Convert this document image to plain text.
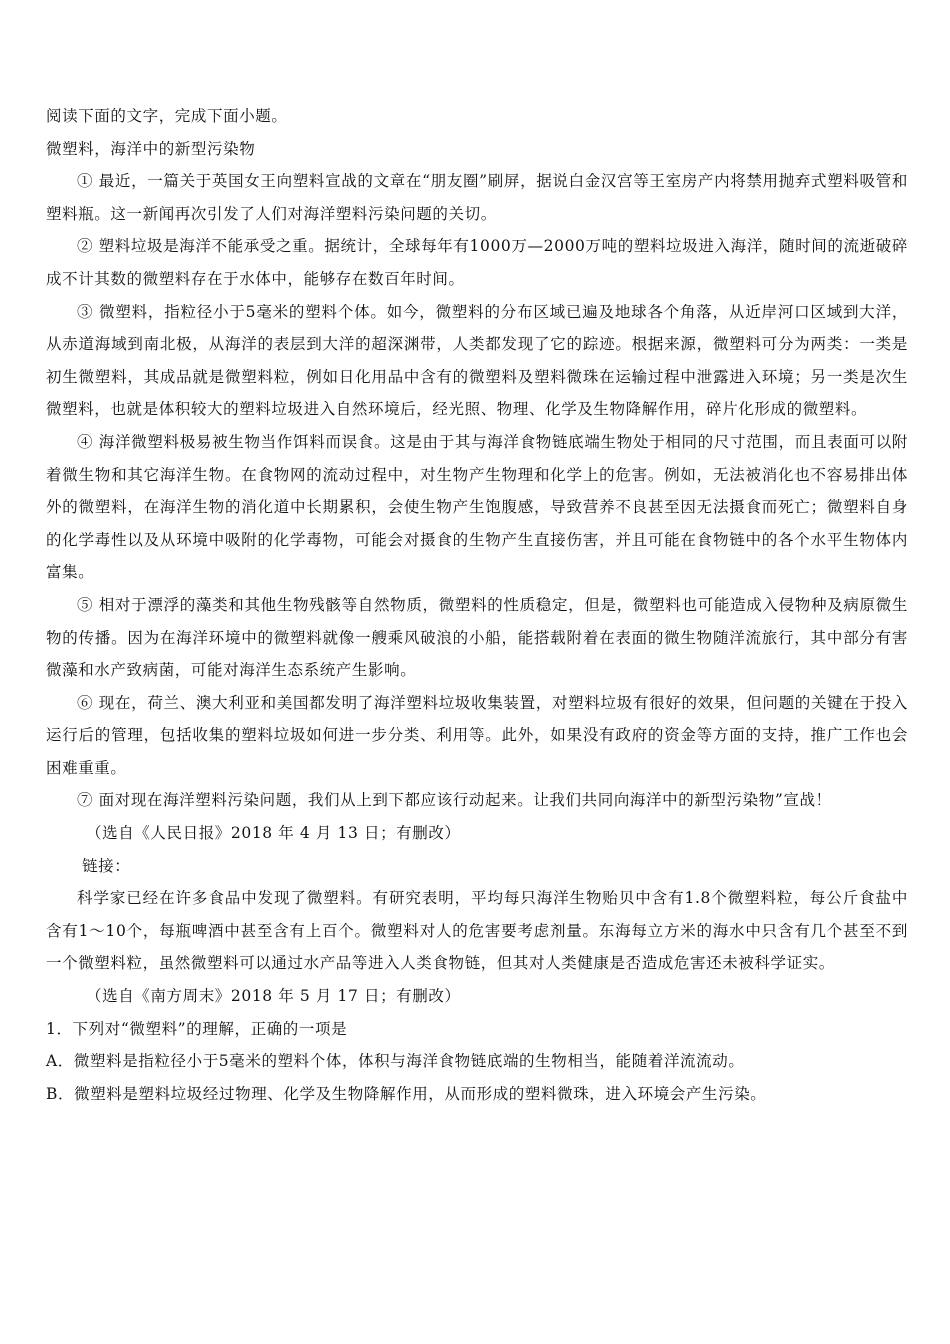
阅读下面的文字，完成下面小题。

微塑料，海洋中的新型污染物

① 最近，一篇关于英国女王向塑料宣战的文章在“朋友圈”刷屏，据说白金汉宫等王室房产内将禁用抛弃式塑料吸管和塑料瓶。这一新闻再次引发了人们对海洋塑料污染问题的关切。

② 塑料垃圾是海洋不能承受之重。据统计，全球每年有1000万—2000万吨的塑料垃圾进入海洋，随时间的流逝破碎成不计其数的微塑料存在于水体中，能够存在数百年时间。

③ 微塑料，指粒径小于5毫米的塑料个体。如今，微塑料的分布区域已遍及地球各个角落，从近岸河口区域到大洋，从赤道海域到南北极，从海洋的表层到大洋的超深渊带，人类都发现了它的踪迹。根据来源，微塑料可分为两类：一类是初生微塑料，其成品就是微塑料粒，例如日化用品中含有的微塑料及塑料微珠在运输过程中泄露进入环境；另一类是次生微塑料，也就是体积较大的塑料垃圾进入自然环境后，经光照、物理、化学及生物降解作用，碎片化形成的微塑料。

④ 海洋微塑料极易被生物当作饵料而误食。这是由于其与海洋食物链底端生物处于相同的尺寸范围，而且表面可以附着微生物和其它海洋生物。在食物网的流动过程中，对生物产生物理和化学上的危害。例如，无法被消化也不容易排出体外的微塑料，在海洋生物的消化道中长期累积，会使生物产生饱腹感，导致营养不良甚至因无法摄食而死亡；微塑料自身的化学毒性以及从环境中吸附的化学毒物，可能会对摄食的生物产生直接伤害，并且可能在食物链中的各个水平生物体内富集。

⑤ 相对于漂浮的藻类和其他生物残骸等自然物质，微塑料的性质稳定，但是，微塑料也可能造成入侵物种及病原微生物的传播。因为在海洋环境中的微塑料就像一艘乘风破浪的小船，能搭载附着在表面的微生物随洋流旅行，其中部分有害微藻和水产致病菌，可能对海洋生态系统产生影响。

⑥ 现在，荷兰、澳大利亚和美国都发明了海洋塑料垃圾收集装置，对塑料垃圾有很好的效果，但问题的关键在于投入运行后的管理，包括收集的塑料垃圾如何进一步分类、利用等。此外，如果没有政府的资金等方面的支持，推广工作也会困难重重。

⑦ 面对现在海洋塑料污染问题，我们从上到下都应该行动起来。让我们共同向海洋中的新型污染物”宣战！

（选自《人民日报》2018 年 4 月 13 日；有删改）

链接：

科学家已经在许多食品中发现了微塑料。有研究表明，平均每只海洋生物贻贝中含有1.8个微塑料粒，每公斤食盐中含有1～10个，每瓶啤酒中甚至含有上百个。微塑料对人的危害要考虑剂量。东海每立方米的海水中只含有几个甚至不到一个微塑料粒，虽然微塑料可以通过水产品等进入人类食物链，但其对人类健康是否造成危害还未被科学证实。

（选自《南方周末》2018 年 5 月 17 日；有删改）

1．下列对“微塑料”的理解，正确的一项是

A．微塑料是指粒径小于5毫米的塑料个体，体积与海洋食物链底端的生物相当，能随着洋流流动。

B．微塑料是塑料垃圾经过物理、化学及生物降解作用，从而形成的塑料微珠，进入环境会产生污染。
